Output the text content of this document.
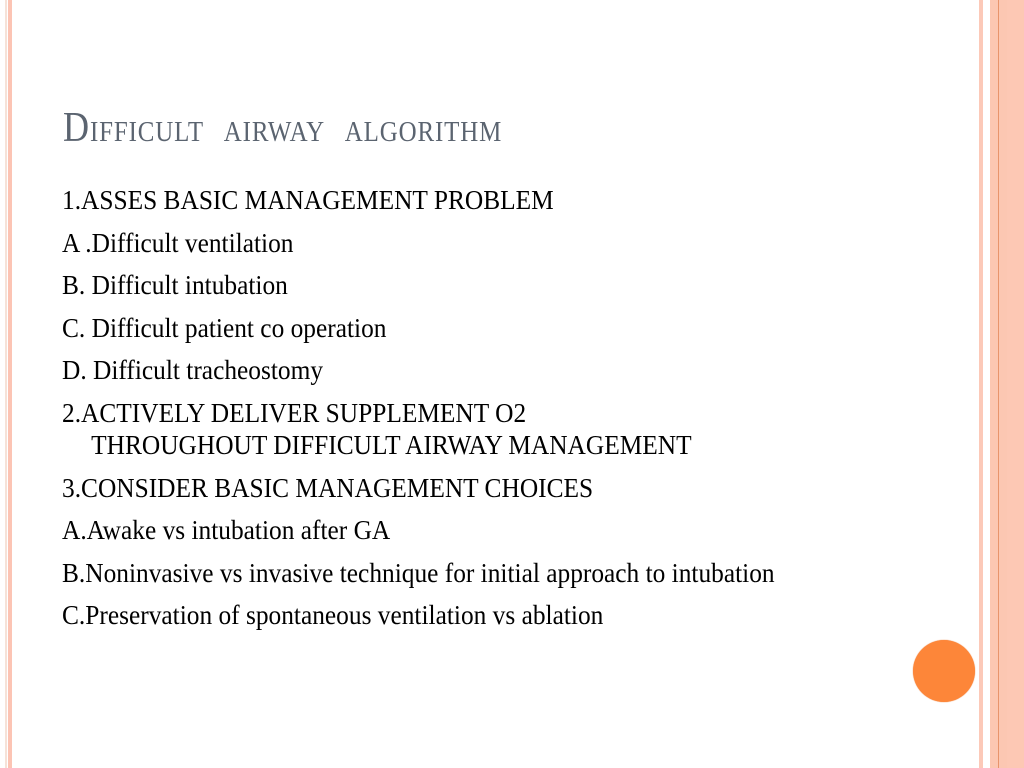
Difficult  airway  algorithm
1.ASSES BASIC MANAGEMENT PROBLEM
A .Difficult ventilation
B. Difficult intubation
C. Difficult patient co operation
D. Difficult tracheostomy
2.ACTIVELY DELIVER SUPPLEMENT O2 THROUGHOUT DIFFICULT AIRWAY MANAGEMENT
3.CONSIDER BASIC MANAGEMENT CHOICES
A.Awake vs intubation after GA
B.Noninvasive vs invasive technique for initial approach to intubation
C.Preservation of spontaneous ventilation vs ablation
